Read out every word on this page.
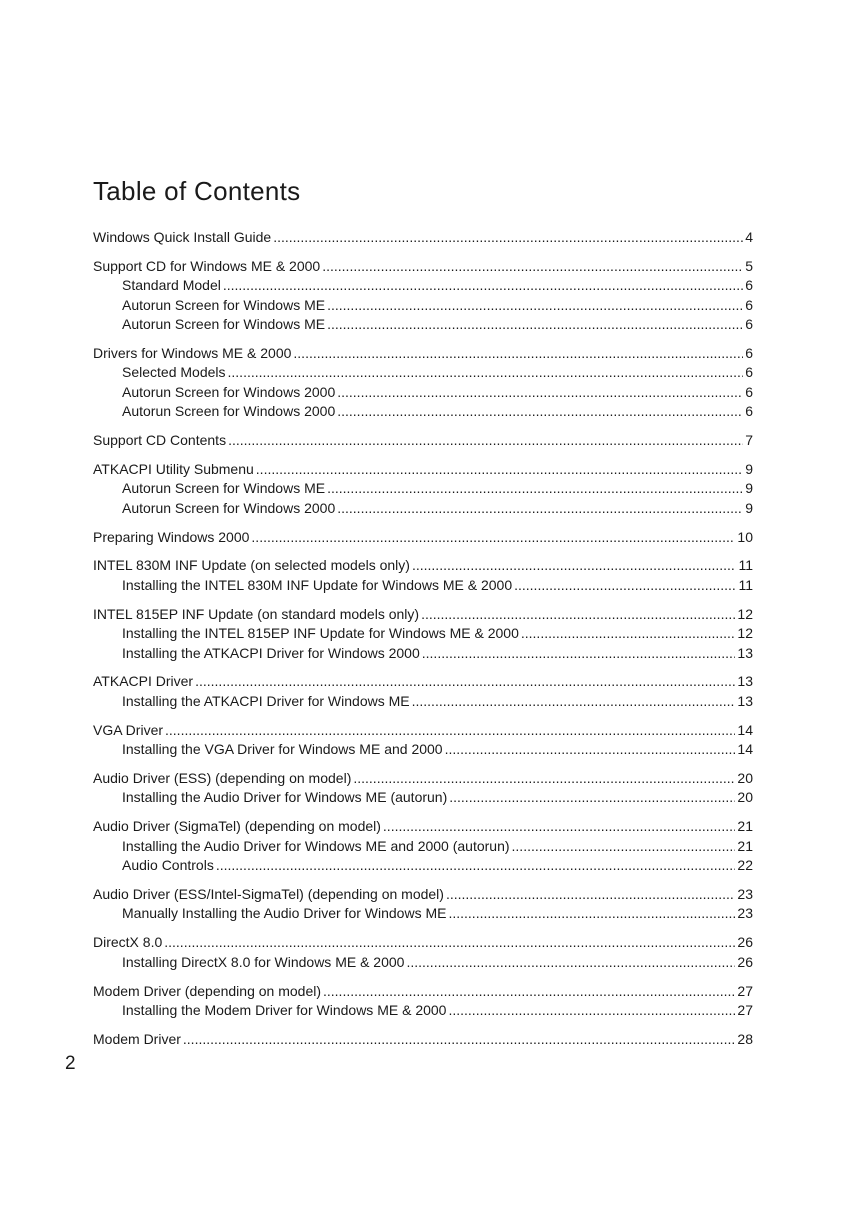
Table of Contents
Windows Quick Install Guide .....	4
Support CD for Windows ME & 2000 .....	5
Standard Model .....	6
Autorun Screen for Windows ME .....	6
Autorun Screen for Windows ME .....	6
Drivers for Windows ME & 2000 .....	6
Selected Models .....	6
Autorun Screen for Windows 2000 .....	6
Autorun Screen for Windows 2000 .....	6
Support CD Contents .....	7
ATKACPI Utility Submenu .....	9
Autorun Screen for Windows ME .....	9
Autorun Screen for Windows 2000 .....	9
Preparing Windows 2000 .....	10
INTEL 830M INF Update (on selected models only) .....	11
Installing the INTEL 830M INF Update for Windows ME & 2000 .....	11
INTEL 815EP INF Update (on standard models only) .....	12
Installing the INTEL 815EP INF Update for Windows ME & 2000 .....	12
Installing the ATKACPI Driver for Windows 2000 .....	13
ATKACPI Driver .....	13
Installing the ATKACPI Driver for Windows ME .....	13
VGA Driver .....	14
Installing the VGA Driver for Windows ME and 2000 .....	14
Audio Driver (ESS) (depending on model) .....	20
Installing the Audio Driver for Windows ME (autorun) .....	20
Audio Driver (SigmaTel) (depending on model) .....	21
Installing the Audio Driver for Windows ME and 2000 (autorun) .....	21
Audio Controls .....	22
Audio Driver (ESS/Intel-SigmaTel) (depending on model) .....	23
Manually Installing the Audio Driver for Windows ME .....	23
DirectX 8.0 .....	26
Installing DirectX 8.0 for Windows ME & 2000 .....	26
Modem Driver (depending on model) .....	27
Installing the Modem Driver for Windows ME & 2000 .....	27
Modem Driver .....	28
2
